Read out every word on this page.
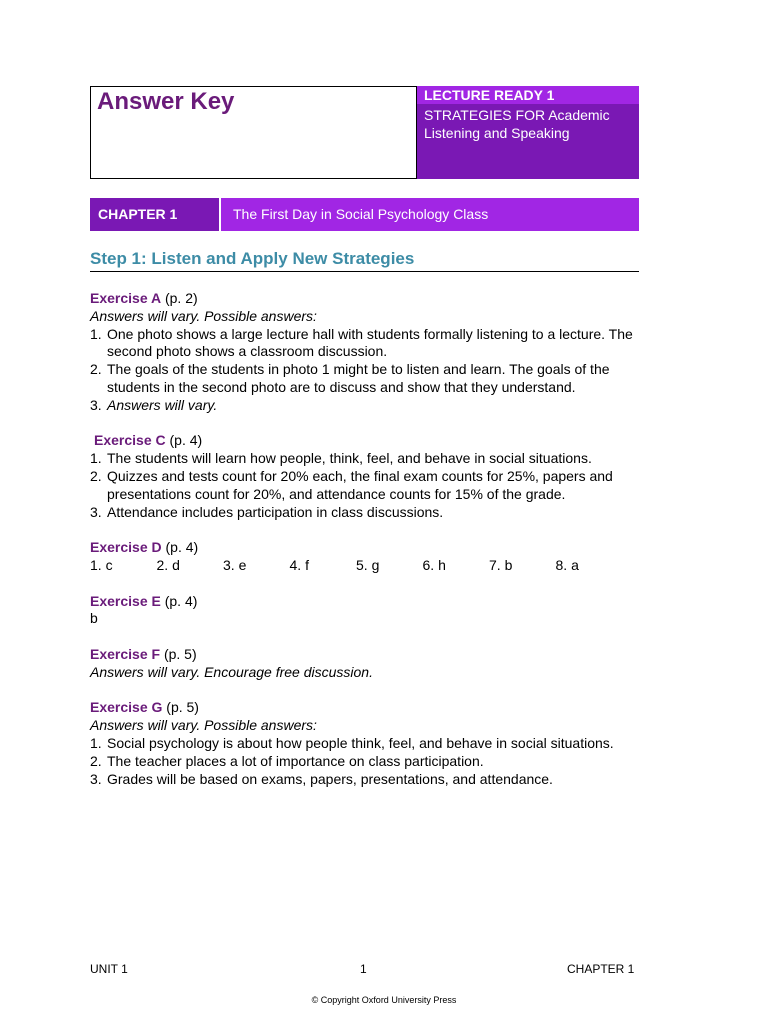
Answer Key	LECTURE READY 1
STRATEGIES FOR Academic Listening and Speaking
CHAPTER 1	The First Day in Social Psychology Class
Step 1: Listen and Apply New Strategies
Exercise A (p. 2)
Answers will vary. Possible answers:
1. One photo shows a large lecture hall with students formally listening to a lecture. The second photo shows a classroom discussion.
2. The goals of the students in photo 1 might be to listen and learn. The goals of the students in the second photo are to discuss and show that they understand.
3. Answers will vary.
Exercise C (p. 4)
1. The students will learn how people, think, feel, and behave in social situations.
2. Quizzes and tests count for 20% each, the final exam counts for 25%, papers and presentations count for 20%, and attendance counts for 15% of the grade.
3. Attendance includes participation in class discussions.
Exercise D (p. 4)
1. c	2. d	3. e	4. f	5. g	6. h	7. b	8. a
Exercise E (p. 4)
b
Exercise F (p. 5)
Answers will vary. Encourage free discussion.
Exercise G (p. 5)
Answers will vary. Possible answers:
1. Social psychology is about how people think, feel, and behave in social situations.
2. The teacher places a lot of importance on class participation.
3. Grades will be based on exams, papers, presentations, and attendance.
UNIT 1	1	CHAPTER 1
© Copyright Oxford University Press
